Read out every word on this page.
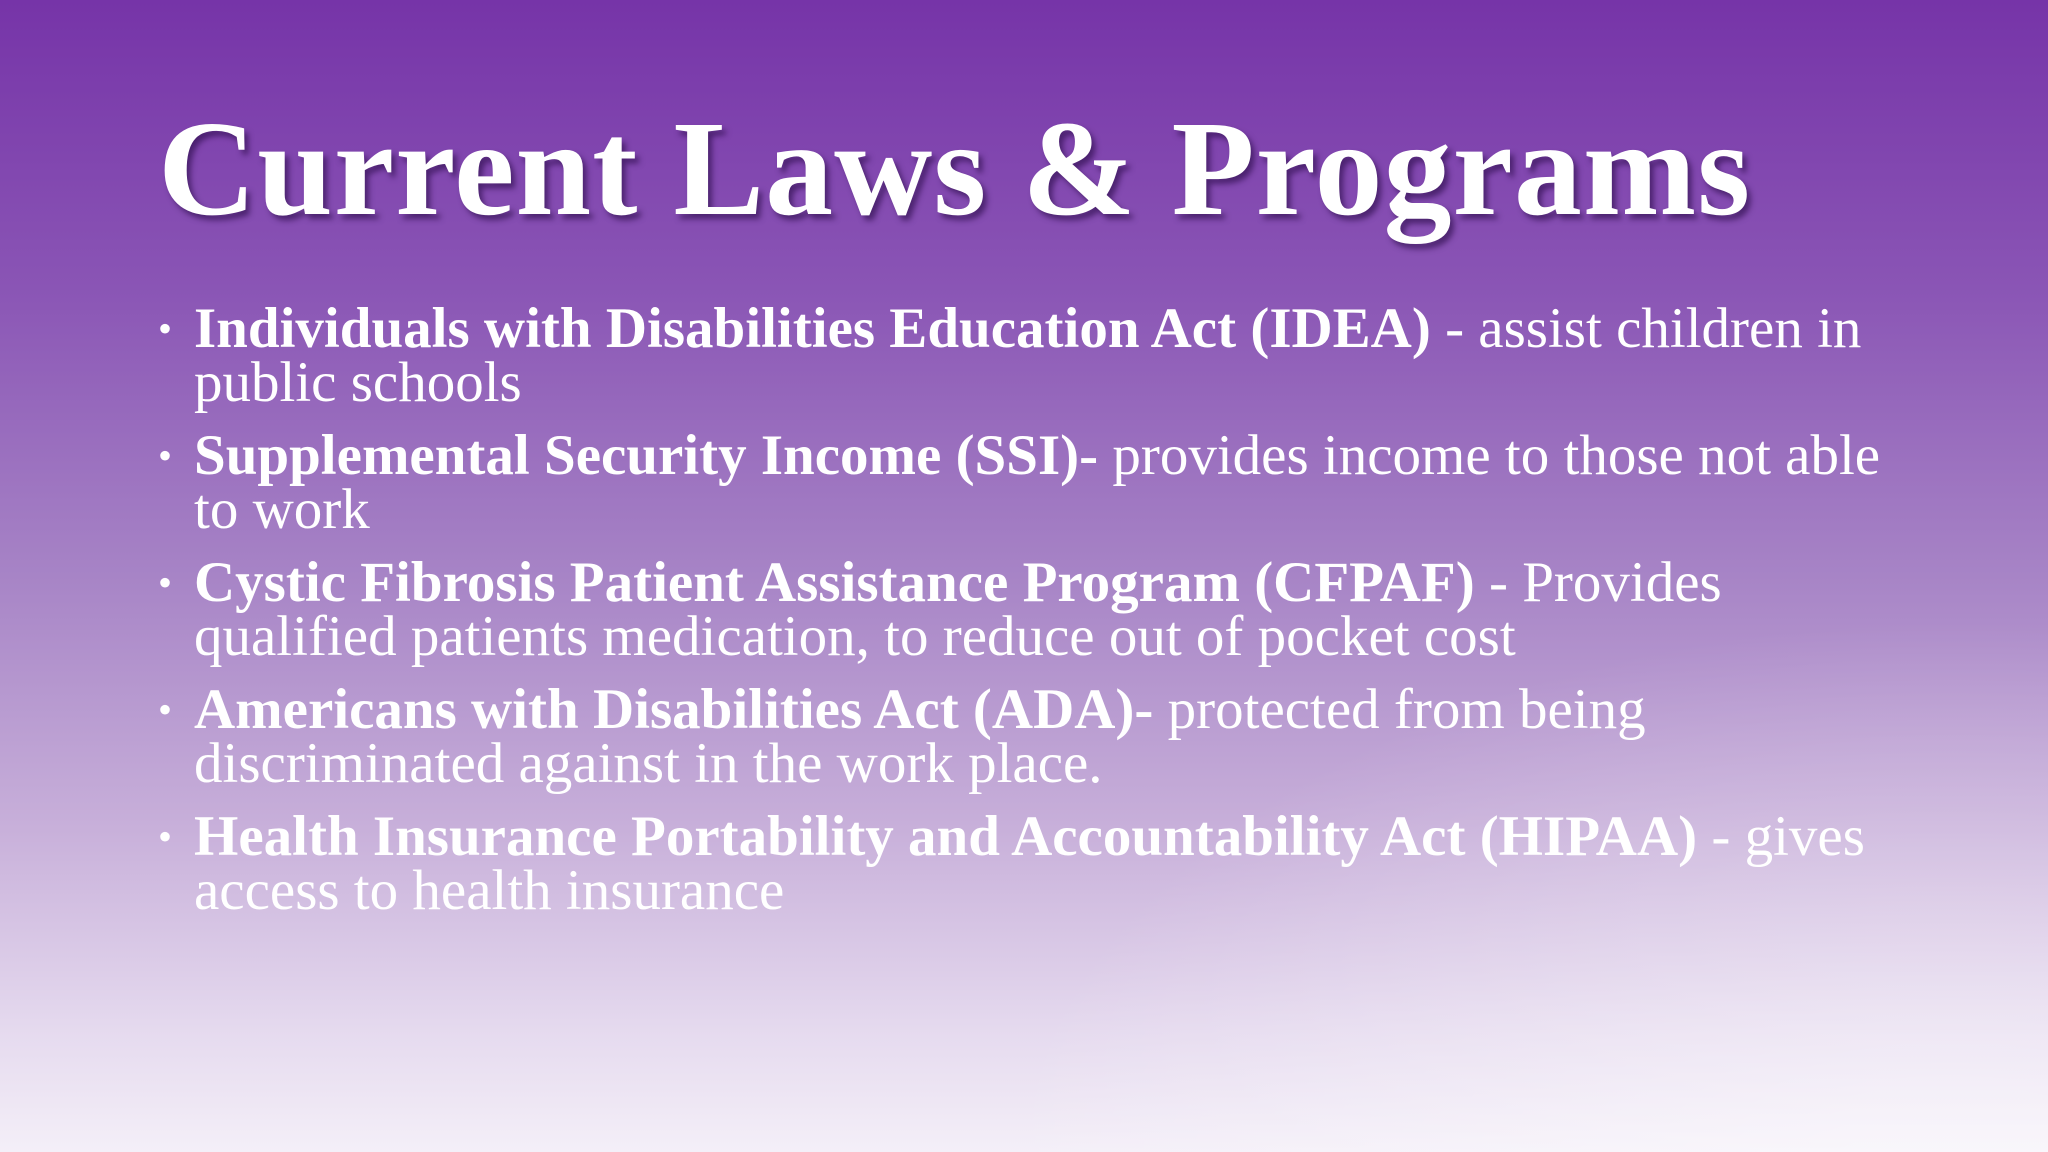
Current Laws & Programs
• Individuals with Disabilities Education Act (IDEA) - assist children in public schools
• Supplemental Security Income (SSI)- provides income to those not able to work
• Cystic Fibrosis Patient Assistance Program (CFPAF) - Provides qualified patients medication, to reduce out of pocket cost
• Americans with Disabilities Act (ADA)- protected from being discriminated against in the work place.
• Health Insurance Portability and Accountability Act (HIPAA) - gives access to health insurance
